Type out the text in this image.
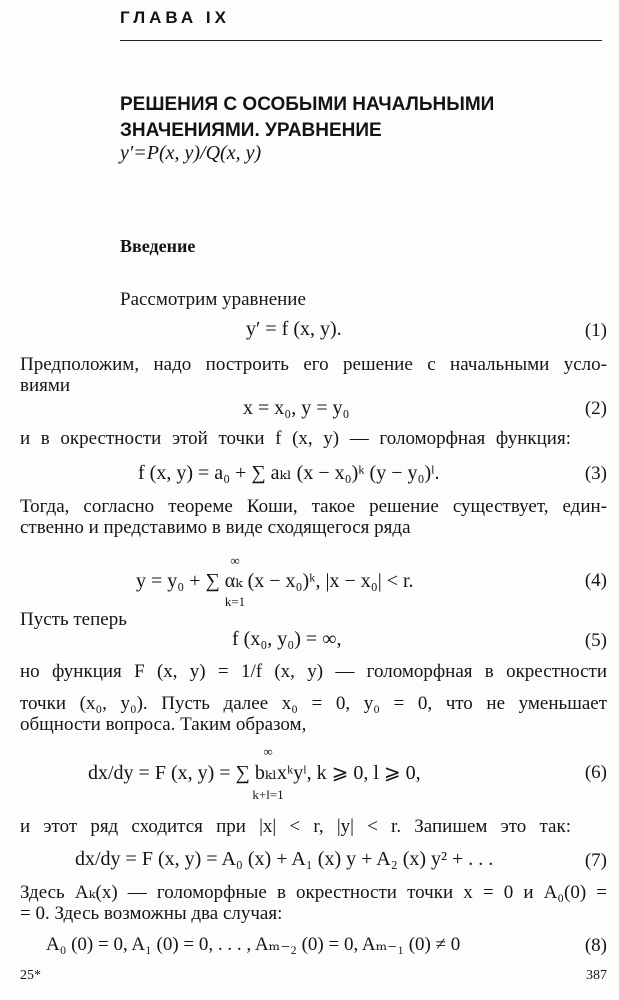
ГЛАВА IX
РЕШЕНИЯ С ОСОБЫМИ НАЧАЛЬНЫМИ
ЗНАЧЕНИЯМИ. УРАВНЕНИЕ
y′=P(x, y)/Q(x, y)
Введение
Рассмотрим уравнение
y′ = f (x, y).	(1)
Предположим, надо построить его решение с начальными усло-
виями
x = x₀, y = y₀	(2)
и в окрестности этой точки f (x, y) — голоморфная функция:
f (x, y) = a₀ + ∑ aₖₗ (x − x₀)ᵏ (y − y₀)ˡ.	(3)
Тогда, согласно теореме Коши, такое решение существует, един-
ственно и представимо в виде сходящегося ряда
∞
y = y₀ + ∑ αₖ (x − x₀)ᵏ, |x − x₀| < r.
k=1
(4)
Пусть теперь
f (x₀, y₀) = ∞,	(5)
но функция F (x, y) = 1/f (x, y) — голоморфная в окрестности
точки (x₀, y₀). Пусть далее x₀ = 0, y₀ = 0, что не уменьшает
общности вопроса. Таким образом,
∞
dx/dy = F (x, y) = ∑ bₖₗxᵏyˡ, k ⩾ 0, l ⩾ 0,
k+l=1
(6)
и этот ряд сходится при |x| < r, |y| < r. Запишем это так:
dx/dy = F (x, y) = A₀ (x) + A₁ (x) y + A₂ (x) y² + . . .	(7)
Здесь Aₖ(x) — голоморфные в окрестности точки x = 0 и A₀(0) =
= 0. Здесь возможны два случая:
A₀ (0) = 0, A₁ (0) = 0, . . . , Aₘ₋₂ (0) = 0, Aₘ₋₁ (0) ≠ 0	(8)
25*	387
